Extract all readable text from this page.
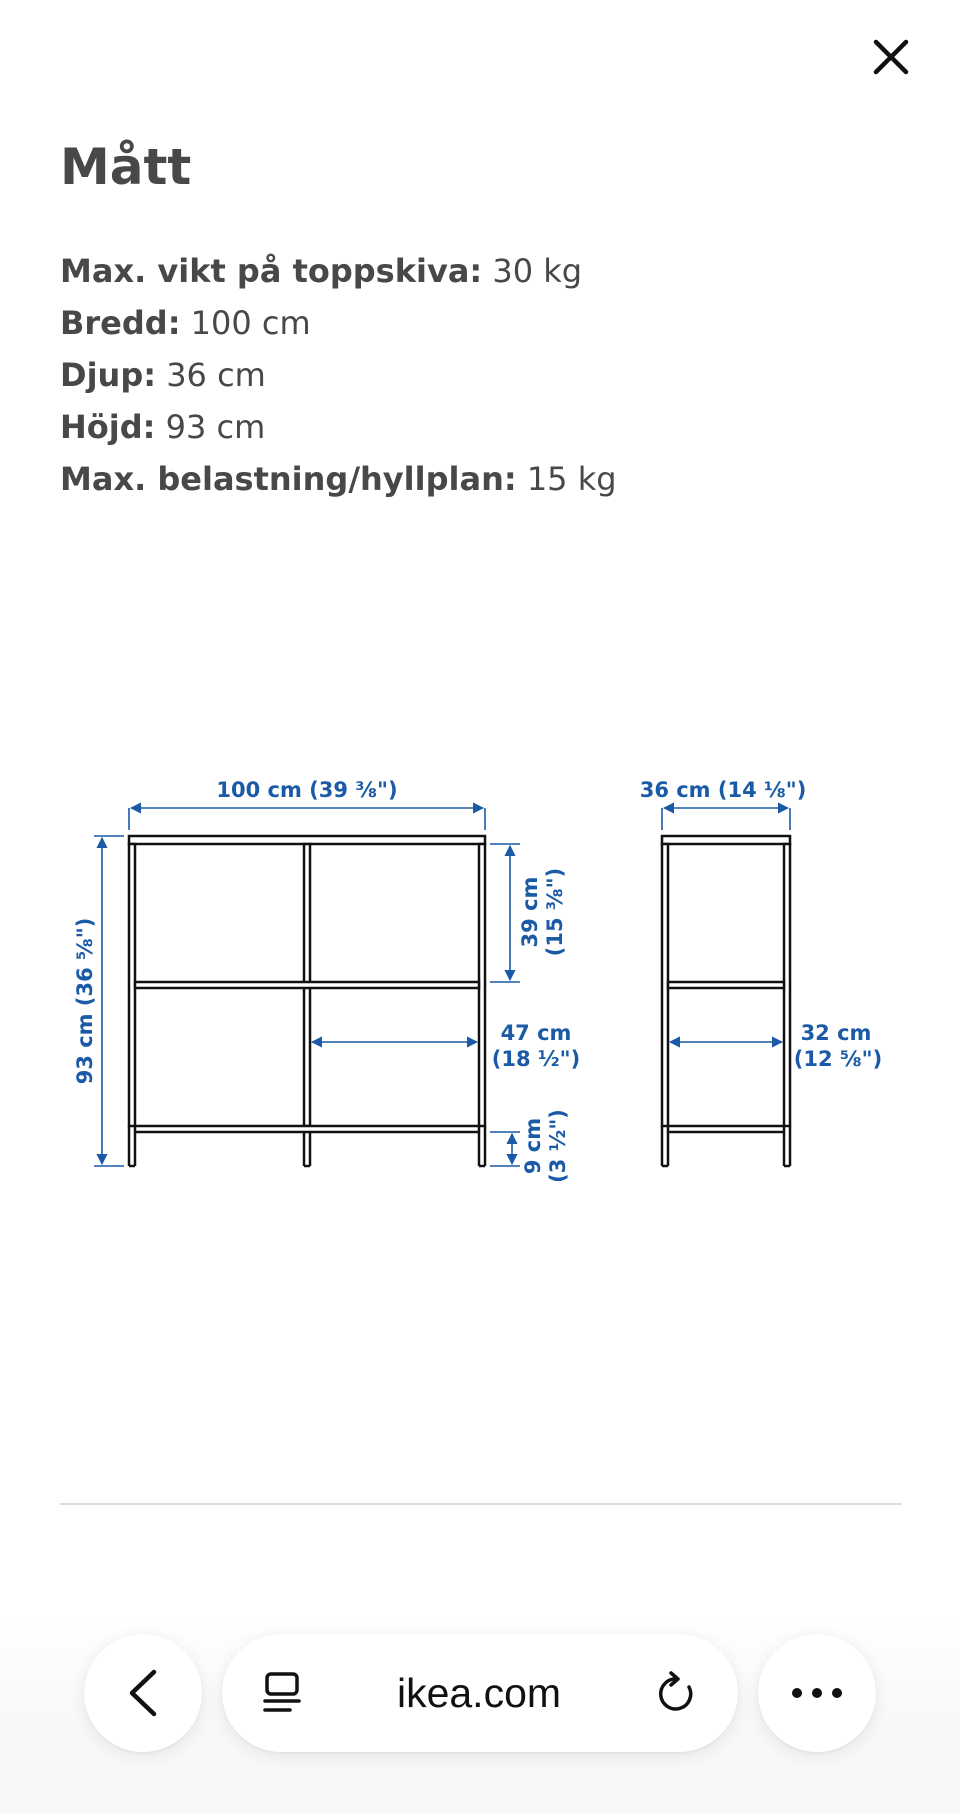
Mått
Max. vikt på toppskiva: 30 kg
Bredd: 100 cm
Djup: 36 cm
Höjd: 93 cm
Max. belastning/hyllplan: 15 kg
100 cm (39 ⅜")
93 cm (36 ⅝")
39 cm (15 ⅜")
47 cm
(18 ½")
9 cm (3 ½")
36 cm (14 ⅛")
32 cm
(12 ⅝")
ikea.com
